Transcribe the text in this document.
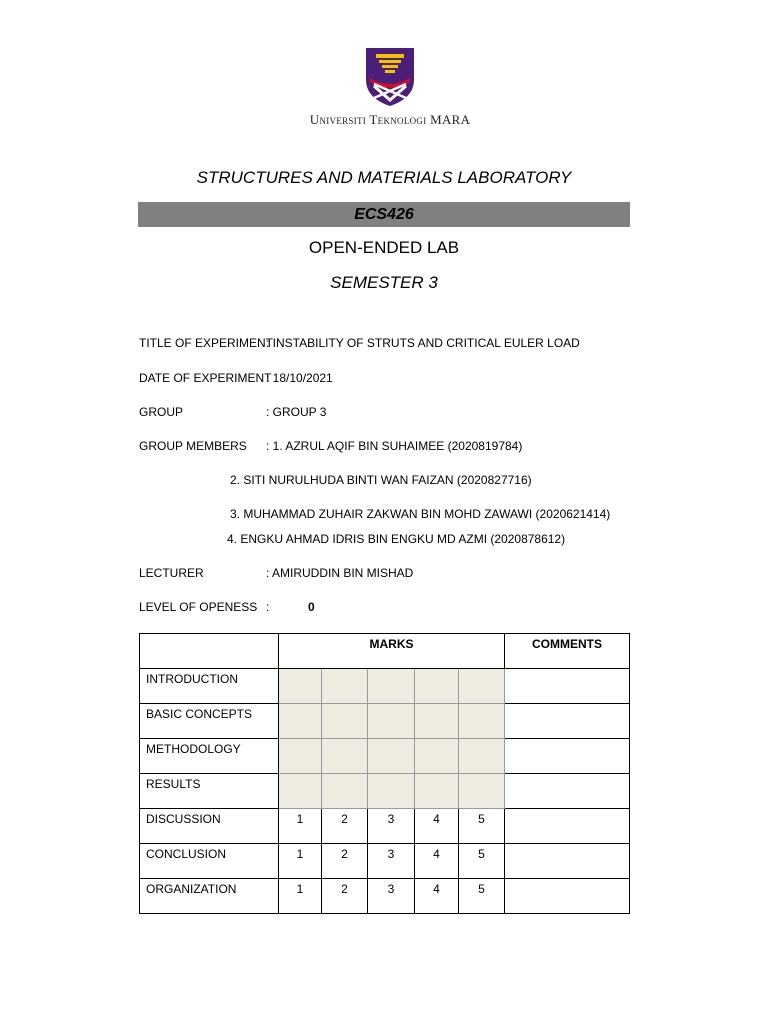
Universiti Teknologi MARA
STRUCTURES AND MATERIALS LABORATORY
ECS426
OPEN-ENDED LAB
SEMESTER 3
TITLE OF EXPERIMENT
: INSTABILITY OF STRUTS AND CRITICAL EULER LOAD
DATE OF EXPERIMENT
: 18/10/2021
GROUP	: GROUP 3
GROUP MEMBERS : 1. AZRUL AQIF BIN SUHAIMEE (2020819784)
2. SITI NURULHUDA BINTI WAN FAIZAN (2020827716)
3. MUHAMMAD ZUHAIR ZAKWAN BIN MOHD ZAWAWI (2020621414)
4. ENGKU AHMAD IDRIS BIN ENGKU MD AZMI (2020878612)
LECTURER	: AMIRUDDIN BIN MISHAD
LEVEL OF OPENESS :	0
	MARKS					COMMENTS
INTRODUCTION						
BASIC CONCEPTS						
METHODOLOGY						
RESULTS						
DISCUSSION	1	2	3	4	5	
CONCLUSION	1	2	3	4	5	
ORGANIZATION	1	2	3	4	5	
